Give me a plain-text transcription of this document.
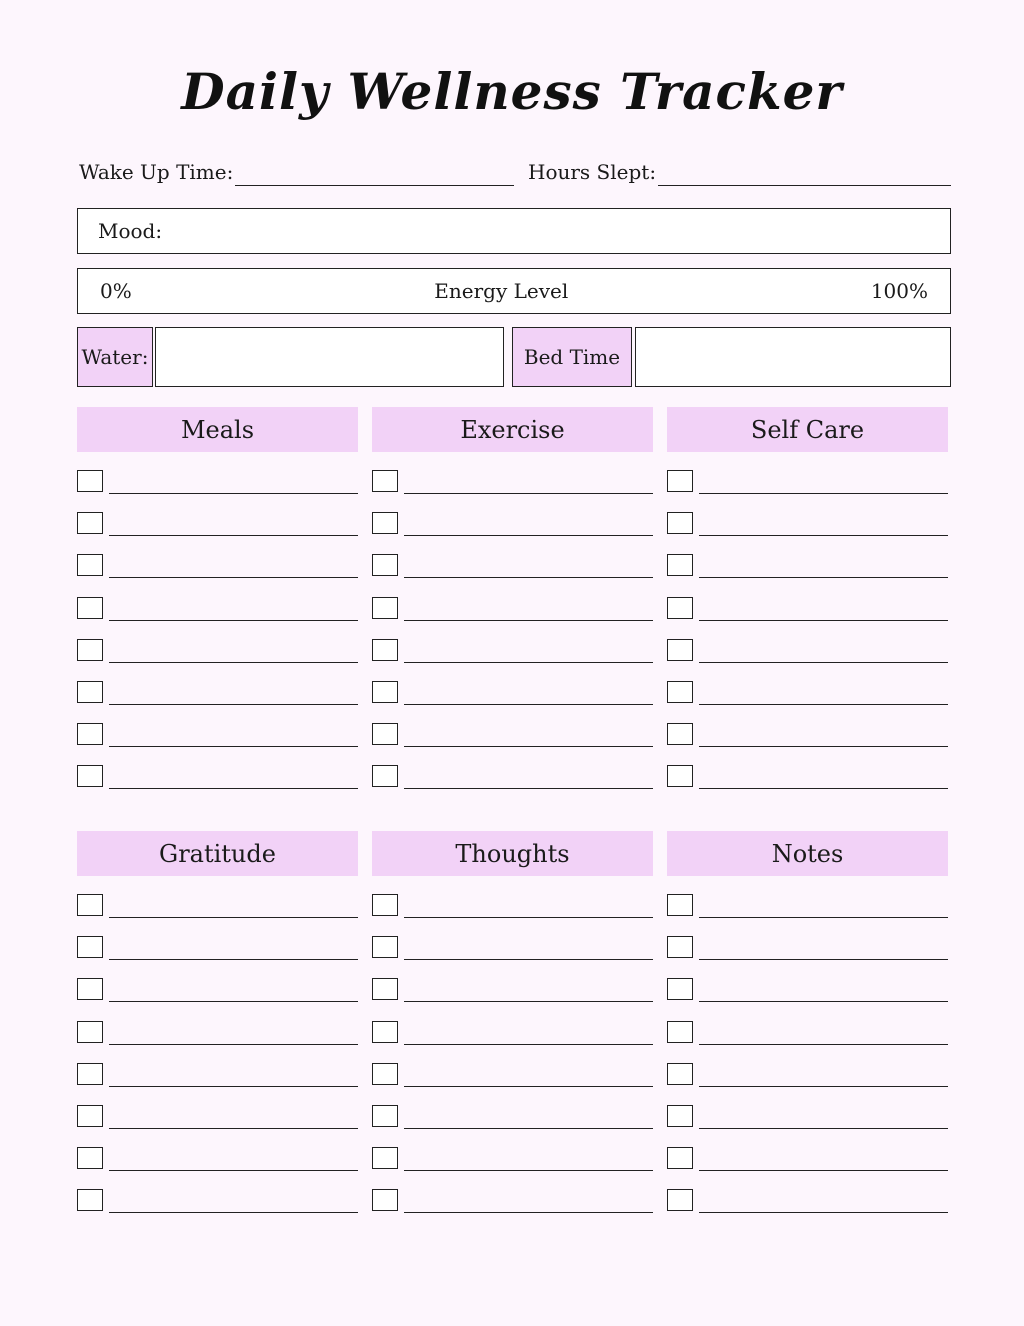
Daily Wellness Tracker
Wake Up Time:	Hours Slept:
Mood:
0%	Energy Level	100%
Water:	Bed Time
Meals	Exercise	Self Care
Gratitude	Thoughts	Notes
